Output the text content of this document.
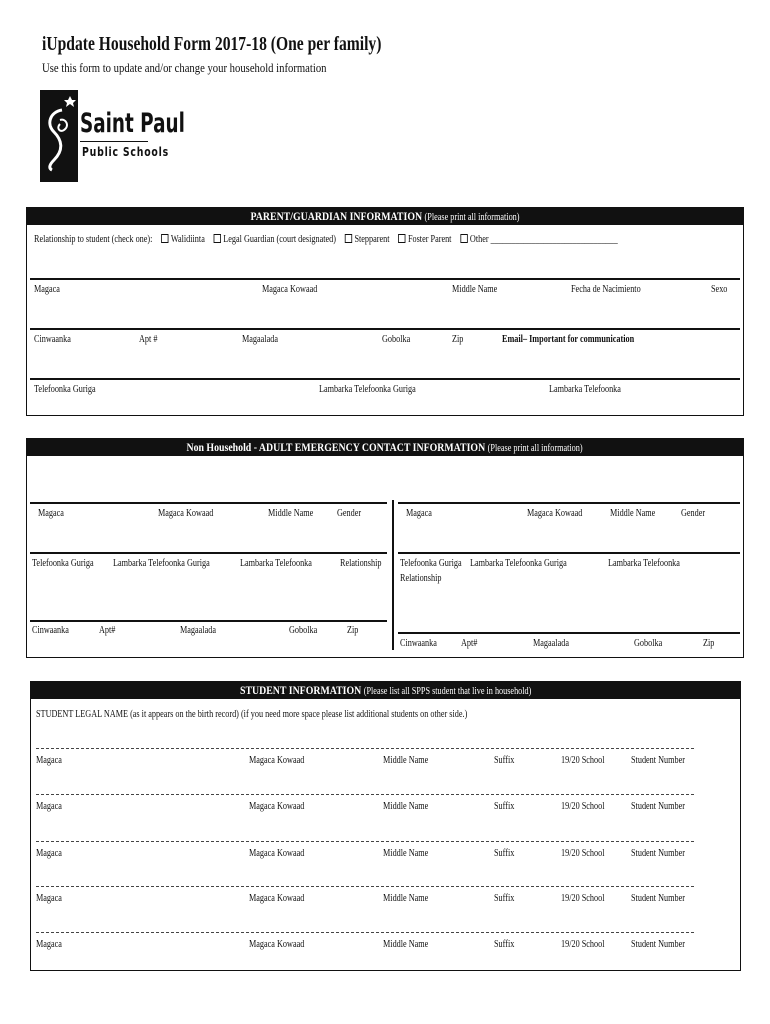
iUpdate Household Form 2017-18 (One per family)
Use this form to update and/or change your household information
Saint Paul
Public Schools
PARENT/GUARDIAN INFORMATION (Please print all information)
Relationship to student (check one): Walidiinta Legal Guardian (court designated) Stepparent Foster Parent Other _______________________________
Magaca	Magaca Kowaad	Middle Name	Fecha de Nacimiento	Sexo
Cinwaanka	Apt #	Magaalada	Gobolka	Zip	Email– Important for communication
Telefoonka Guriga	Lambarka Telefoonka Guriga	Lambarka Telefoonka
Non Household - ADULT EMERGENCY CONTACT INFORMATION (Please print all information)
Magaca	Magaca Kowaad	Middle Name Gender
Telefoonka Guriga Lambarka Telefoonka Guriga	Lambarka Telefoonka	Relationship
Cinwaanka	Apt#	Magaalada	Gobolka	Zip
Magaca	Magaca Kowaad	Middle Name	Gender
Telefoonka Guriga Lambarka Telefoonka Guriga	Lambarka Telefoonka
Relationship
Cinwaanka Apt#	Magaalada	Gobolka	Zip
STUDENT INFORMATION (Please list all SPPS student that live in household)
STUDENT LEGAL NAME (as it appears on the birth record) (if you need more space please list additional students on other side.)
Magaca	Magaca Kowaad	Middle Name	Suffix	19/20 School	Student Number
Magaca	Magaca Kowaad	Middle Name	Suffix	19/20 School	Student Number
Magaca	Magaca Kowaad	Middle Name	Suffix	19/20 School	Student Number
Magaca	Magaca Kowaad	Middle Name	Suffix	19/20 School	Student Number
Magaca	Magaca Kowaad	Middle Name	Suffix	19/20 School	Student Number
